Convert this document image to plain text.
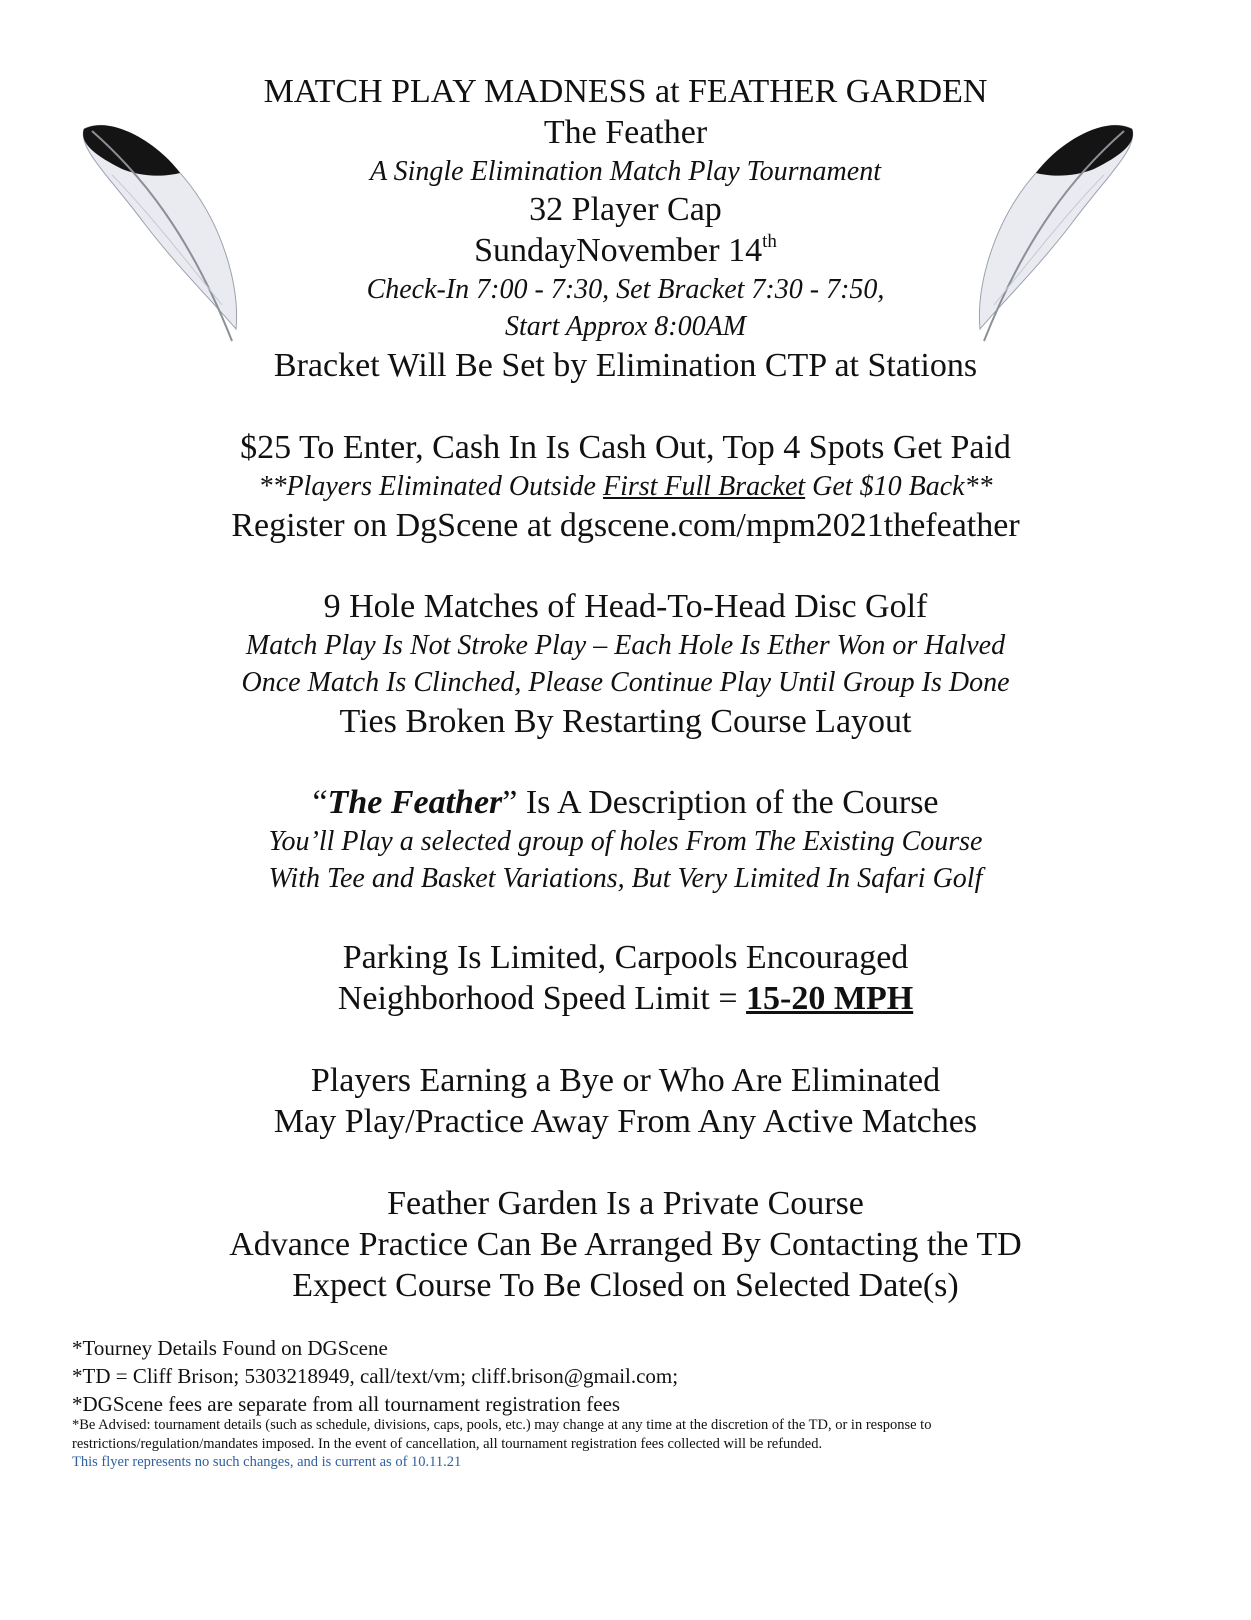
MATCH PLAY MADNESS at FEATHER GARDEN
The Feather
A Single Elimination Match Play Tournament
32 Player Cap
SundayNovember 14th
Check-In 7:00 - 7:30, Set Bracket 7:30 - 7:50,
Start Approx 8:00AM
Bracket Will Be Set by Elimination CTP at Stations
$25 To Enter, Cash In Is Cash Out, Top 4 Spots Get Paid
**Players Eliminated Outside First Full Bracket Get $10 Back**
Register on DgScene at dgscene.com/mpm2021thefeather
9 Hole Matches of Head-To-Head Disc Golf
Match Play Is Not Stroke Play – Each Hole Is Ether Won or Halved
Once Match Is Clinched, Please Continue Play Until Group Is Done
Ties Broken By Restarting Course Layout
“The Feather” Is A Description of the Course
You’ll Play a selected group of holes From The Existing Course
With Tee and Basket Variations, But Very Limited In Safari Golf
Parking Is Limited, Carpools Encouraged
Neighborhood Speed Limit = 15-20 MPH
Players Earning a Bye or Who Are Eliminated
May Play/Practice Away From Any Active Matches
Feather Garden Is a Private Course
Advance Practice Can Be Arranged By Contacting the TD
Expect Course To Be Closed on Selected Date(s)
*Tourney Details Found on DGScene
*TD = Cliff Brison; 5303218949, call/text/vm; cliff.brison@gmail.com;
*DGScene fees are separate from all tournament registration fees
*Be Advised: tournament details (such as schedule, divisions, caps, pools, etc.) may change at any time at the discretion of the TD, or in response to
restrictions/regulation/mandates imposed. In the event of cancellation, all tournament registration fees collected will be refunded.
This flyer represents no such changes, and is current as of 10.11.21
